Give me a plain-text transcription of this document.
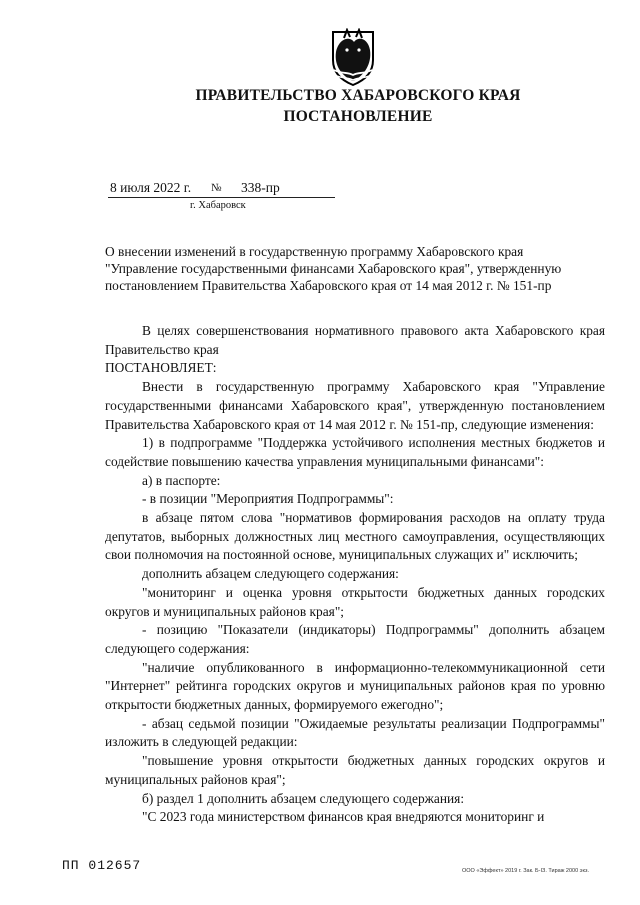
ПРАВИТЕЛЬСТВО ХАБАРОВСКОГО КРАЯ
ПОСТАНОВЛЕНИЕ
8 июля 2022 г. № 338-пр
г. Хабаровск
О внесении изменений в государственную программу Хабаровского края
"Управление государственными финансами Хабаровского края", утвержденную
постановлением Правительства Хабаровского края от 14 мая 2012 г. № 151-пр

В целях совершенствования нормативного правового акта Хабаровского края Правительство края

ПОСТАНОВЛЯЕТ:

Внести в государственную программу Хабаровского края "Управление государственными финансами Хабаровского края", утвержденную постановлением Правительства Хабаровского края от 14 мая 2012 г. № 151-пр, следующие изменения:

1) в подпрограмме "Поддержка устойчивого исполнения местных бюджетов и содействие повышению качества управления муниципальными финансами":

а) в паспорте:

- в позиции "Мероприятия Подпрограммы":

в абзаце пятом слова "нормативов формирования расходов на оплату труда депутатов, выборных должностных лиц местного самоуправления, осуществляющих свои полномочия на постоянной основе, муниципальных служащих и" исключить;

дополнить абзацем следующего содержания:

"мониторинг и оценка уровня открытости бюджетных данных городских округов и муниципальных районов края";

- позицию "Показатели (индикаторы) Подпрограммы" дополнить абзацем следующего содержания:

"наличие опубликованного в информационно-телекоммуникационной сети "Интернет" рейтинга городских округов и муниципальных районов края по уровню открытости бюджетных данных, формируемого ежегодно";

- абзац седьмой позиции "Ожидаемые результаты реализации Подпрограммы" изложить в следующей редакции:

"повышение уровня открытости бюджетных данных городских округов и муниципальных районов края";

б) раздел 1 дополнить абзацем следующего содержания:

"С 2023 года министерством финансов края внедряются мониторинг и

ПП 012657	ООО «Эффект» 2019 г. Зак. Б-ІЗ. Тираж 2000 экз.
